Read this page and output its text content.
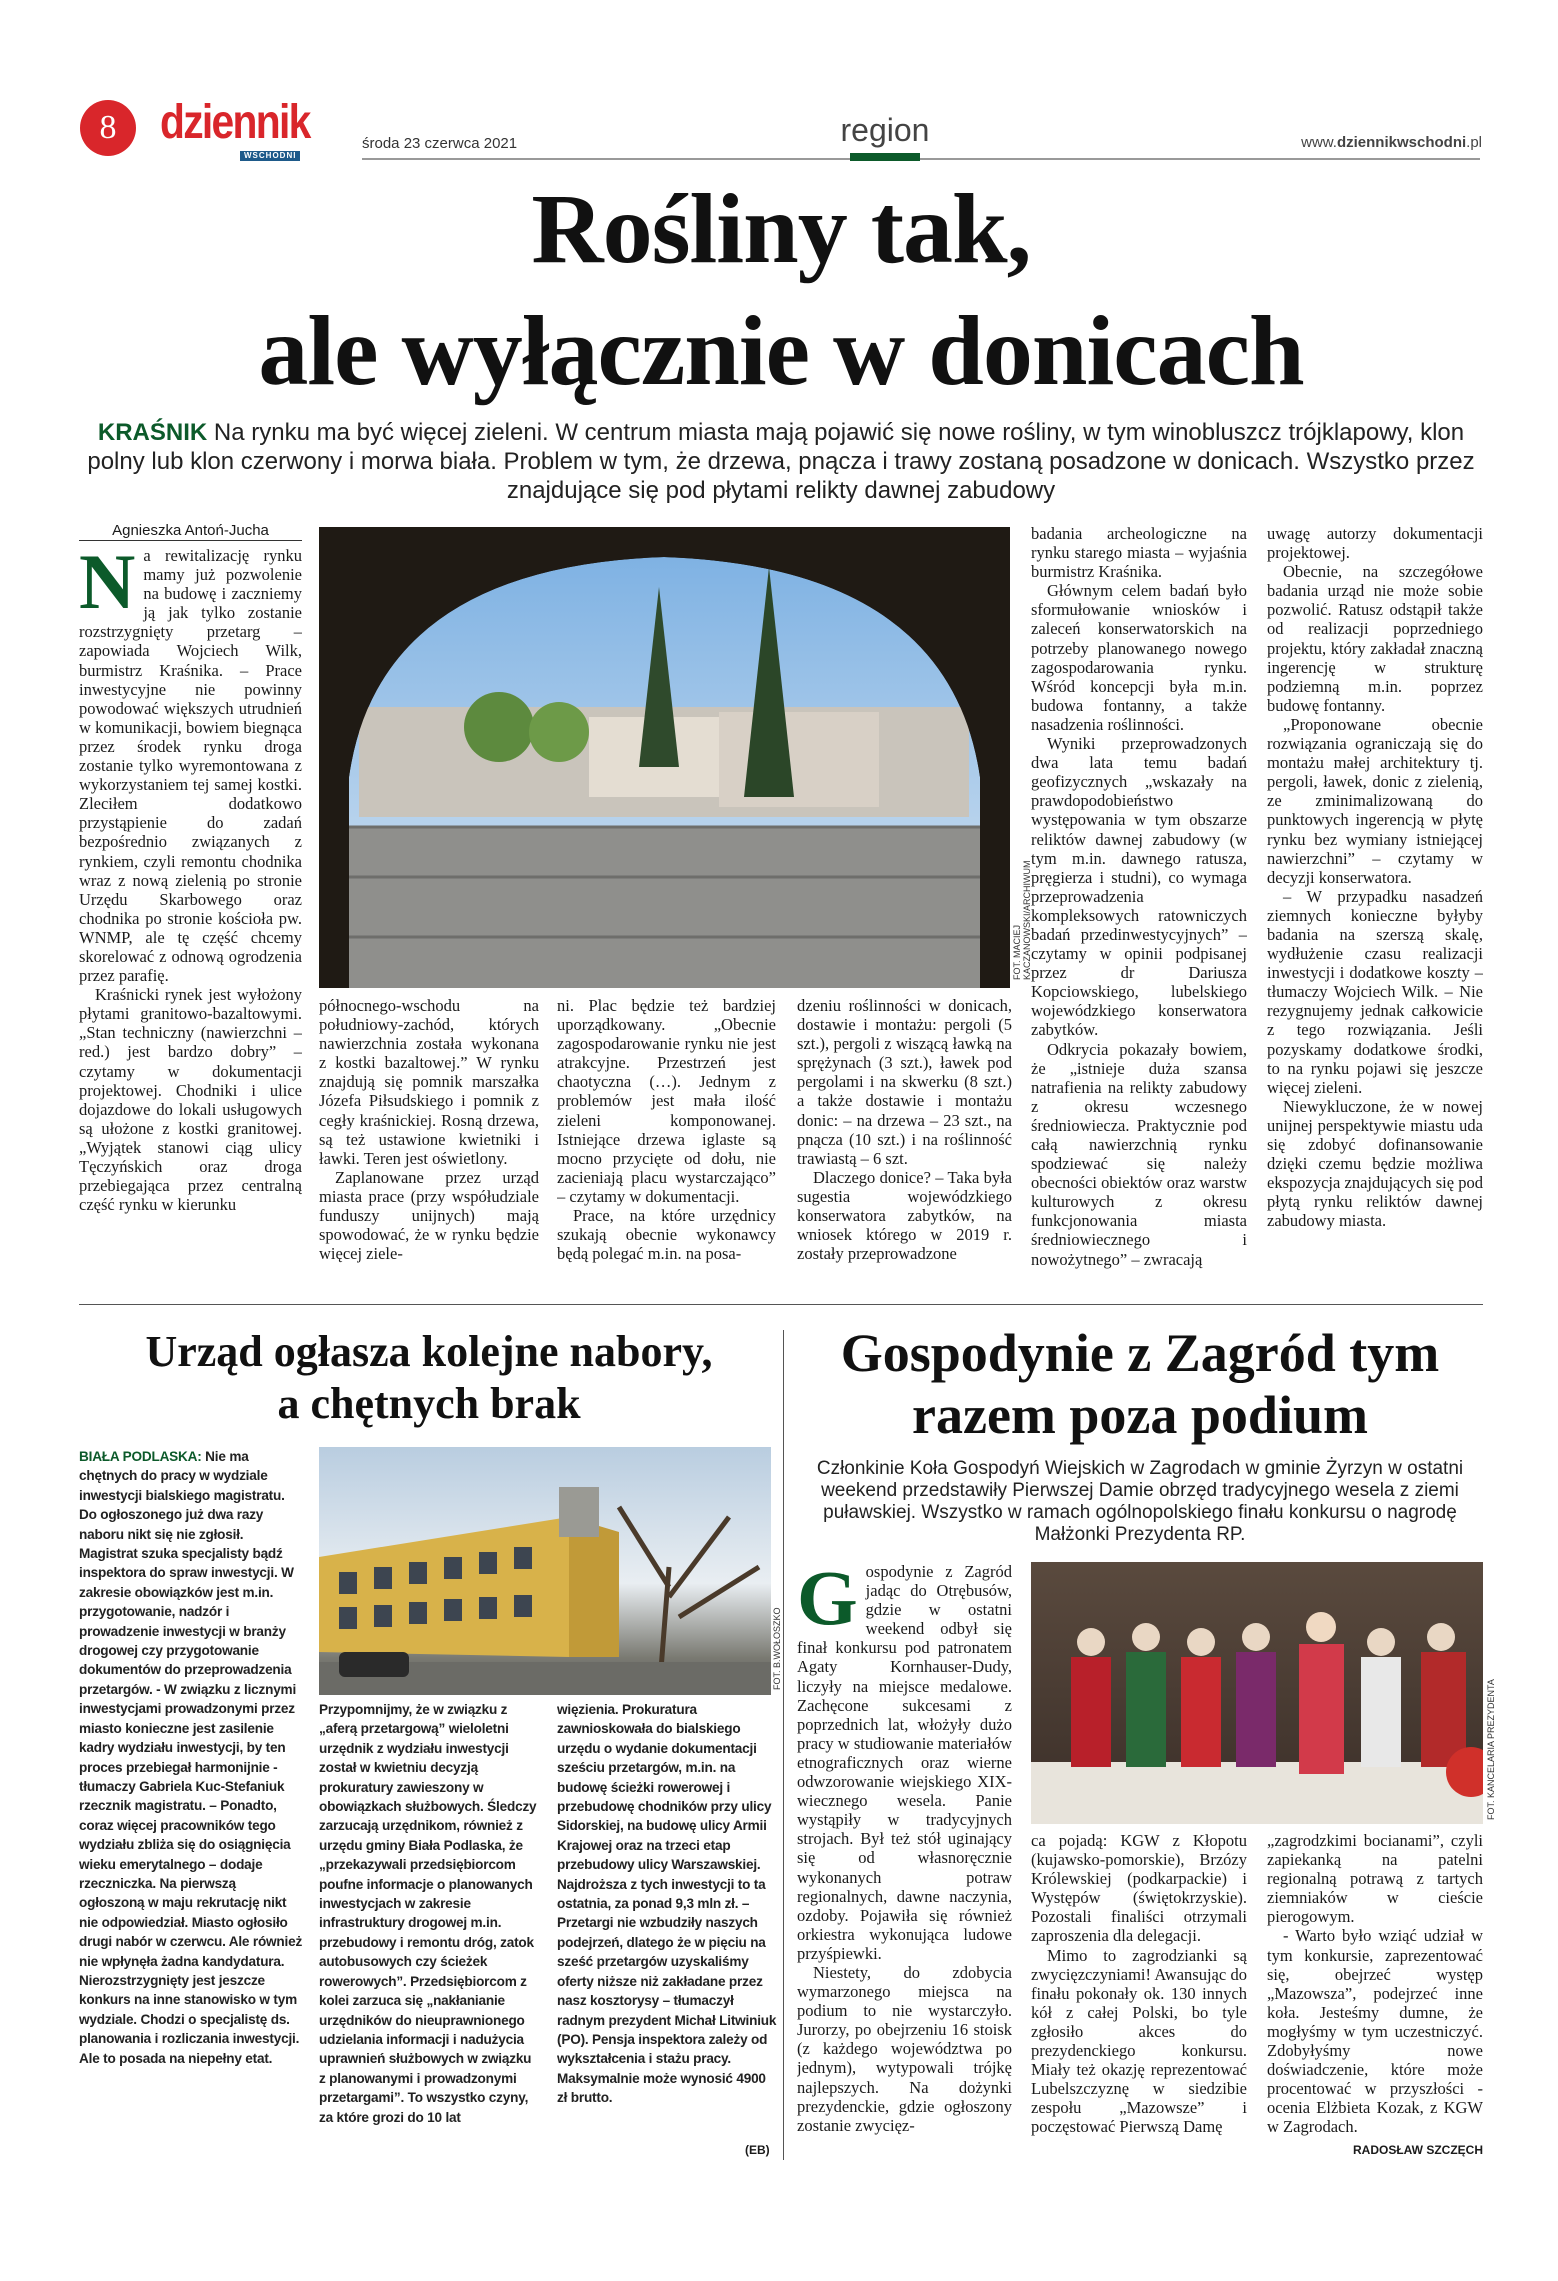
8 dziennik
WSCHODNI
środa 23 czerwca 2021	region	www.dziennikwschodni.pl
Rośliny tak,
ale wyłącznie w donicach
KRAŚNIK Na rynku ma być więcej zieleni. W centrum miasta mają pojawić się nowe rośliny, w tym winobluszcz trójklapowy, klon polny lub klon czerwony i morwa biała. Problem w tym, że drzewa, pnącza i trawy zostaną posadzone w donicach. Wszystko przez znajdujące się pod płytami relikty dawnej zabudowy
Agnieszka Antoń-Jucha

Na rewitalizację rynku mamy już pozwolenie na budowę i zaczniemy ją jak tylko zostanie rozstrzygnięty przetarg – zapowiada Wojciech Wilk, burmistrz Kraśnika. – Prace inwestycyjne nie powinny powodować większych utrudnień w komunikacji, bowiem biegnąca przez środek rynku droga zostanie tylko wyremontowana z wykorzystaniem tej samej kostki. Zleciłem dodatkowo przystąpienie do zadań bezpośrednio związanych z rynkiem, czyli remontu chodnika wraz z nową zielenią po stronie Urzędu Skarbowego oraz chodnika po stronie kościoła pw. WNMP, ale tę część chcemy skorelować z odnową ogrodzenia przez parafię.

Kraśnicki rynek jest wyłożony płytami granitowo-bazaltowymi. „Stan techniczny (nawierzchni – red.) jest bardzo dobry” – czytamy w dokumentacji projektowej. Chodniki i ulice dojazdowe do lokali usługowych są ułożone z kostki granitowej. „Wyjątek stanowi ciąg ulicy Tęczyńskich oraz droga przebiegająca przez centralną część rynku w kierunku

FOT. MACIEJ KACZANOWSKI/ARCHIWUM

północnego-wschodu na południowy-zachód, których nawierzchnia została wykonana z kostki bazaltowej.” W rynku znajdują się pomnik marszałka Józefa Piłsudskiego i pomnik z cegły kraśnickiej. Rosną drzewa, są też ustawione kwietniki i ławki. Teren jest oświetlony.

Zaplanowane przez urząd miasta prace (przy współudziale funduszy unijnych) mają spowodować, że w rynku będzie więcej ziele-

ni. Plac będzie też bardziej uporządkowany. „Obecnie zagospodarowanie rynku nie jest atrakcyjne. Przestrzeń jest chaotyczna (…). Jednym z problemów jest mała ilość zieleni komponowanej. Istniejące drzewa iglaste są mocno przycięte od dołu, nie zacieniają placu wystarczająco” – czytamy w dokumentacji.

Prace, na które urzędnicy szukają obecnie wykonawcy będą polegać m.in. na posa-

dzeniu roślinności w donicach, dostawie i montażu: pergoli (5 szt.), pergoli z wiszącą ławką na sprężynach (3 szt.), ławek pod pergolami i na skwerku (8 szt.) a także dostawie i montażu donic: – na drzewa – 23 szt., na pnącza (10 szt.) i na roślinność trawiastą – 6 szt.

Dlaczego donice? – Taka była sugestia wojewódzkiego konserwatora zabytków, na wniosek którego w 2019 r. zostały przeprowadzone

badania archeologiczne na rynku starego miasta – wyjaśnia burmistrz Kraśnika.

Głównym celem badań było sformułowanie wniosków i zaleceń konserwatorskich na potrzeby planowanego nowego zagospodarowania rynku. Wśród koncepcji była m.in. budowa fontanny, a także nasadzenia roślinności.

Wyniki przeprowadzonych dwa lata temu badań geofizycznych „wskazały na prawdopodobieństwo występowania w tym obszarze reliktów dawnej zabudowy (w tym m.in. dawnego ratusza, pręgierza i studni), co wymaga przeprowadzenia kompleksowych ratowniczych badań przedinwestycyjnych” – czytamy w opinii podpisanej przez dr Dariusza Kopciowskiego, lubelskiego wojewódzkiego konserwatora zabytków.

Odkrycia pokazały bowiem, że „istnieje duża szansa natrafienia na relikty zabudowy z okresu wczesnego średniowiecza. Praktycznie pod całą nawierzchnią rynku spodziewać się należy obecności obiektów oraz warstw kulturowych z okresu funkcjonowania miasta średniowiecznego i nowożytnego” – zwracają

uwagę autorzy dokumentacji projektowej.

Obecnie, na szczegółowe badania urząd nie może sobie pozwolić. Ratusz odstąpił także od realizacji poprzedniego projektu, który zakładał znaczną ingerencję w strukturę podziemną m.in. poprzez budowę fontanny.

„Proponowane obecnie rozwiązania ograniczają się do montażu małej architektury tj. pergoli, ławek, donic z zielenią, ze zminimalizowaną do punktowych ingerencją w płytę rynku bez wymiany istniejącej nawierzchni” – czytamy w decyzji konserwatora.

– W przypadku nasadzeń ziemnych konieczne byłyby badania na szerszą skalę, wydłużenie czasu realizacji inwestycji i dodatkowe koszty – tłumaczy Wojciech Wilk. – Nie rezygnujemy jednak całkowicie z tego rozwiązania. Jeśli pozyskamy dodatkowe środki, to na rynku pojawi się jeszcze więcej zieleni.

Niewykluczone, że w nowej unijnej perspektywie miastu uda się zdobyć dofinansowanie dzięki czemu będzie możliwa ekspozycja znajdujących się pod płytą rynku reliktów dawnej zabudowy miasta.

Urząd ogłasza kolejne nabory,
a chętnych brak

BIAŁA PODLASKA: Nie ma chętnych do pracy w wydziale inwestycji bialskiego magistratu. Do ogłoszonego już dwa razy naboru nikt się nie zgłosił. Magistrat szuka specjalisty bądź inspektora do spraw inwestycji. W zakresie obowiązków jest m.in. przygotowanie, nadzór i prowadzenie inwestycji w branży drogowej czy przygotowanie dokumentów do przeprowadzenia przetargów. - W związku z licznymi inwestycjami prowadzonymi przez miasto konieczne jest zasilenie kadry wydziału inwestycji, by ten proces przebiegał harmonijnie - tłumaczy Gabriela Kuc-Stefaniuk rzecznik magistratu. – Ponadto, coraz więcej pracowników tego wydziału zbliża się do osiągnięcia wieku emerytalnego – dodaje rzeczniczka. Na pierwszą ogłoszoną w maju rekrutację nikt nie odpowiedział. Miasto ogłosiło drugi nabór w czerwcu. Ale również nie wpłynęła żadna kandydatura. Nierozstrzygnięty jest jeszcze konkurs na inne stanowisko w tym wydziale. Chodzi o specjalistę ds. planowania i rozliczania inwestycji. Ale to posada na niepełny etat.

FOT. B.WOŁOSZKO

Przypomnijmy, że w związku z „aferą przetargową” wieloletni urzędnik z wydziału inwestycji został w kwietniu decyzją prokuratury zawieszony w obowiązkach służbowych. Śledczy zarzucają urzędnikom, również z urzędu gminy Biała Podlaska, że „przekazywali przedsiębiorcom poufne informacje o planowanych inwestycjach w zakresie infrastruktury drogowej m.in. przebudowy i remontu dróg, zatok autobusowych czy ścieżek rowerowych”. Przedsiębiorcom z kolei zarzuca się „nakłanianie urzędników do nieuprawnionego udzielania informacji i nadużycia uprawnień służbowych w związku z planowanymi i prowadzonymi przetargami”. To wszystko czyny, za które grozi do 10 lat

więzienia. Prokuratura zawnioskowała do bialskiego urzędu o wydanie dokumentacji sześciu przetargów, m.in. na budowę ścieżki rowerowej i przebudowę chodników przy ulicy Sidorskiej, na budowę ulicy Armii Krajowej oraz na trzeci etap przebudowy ulicy Warszawskiej. Najdroższa z tych inwestycji to ta ostatnia, za ponad 9,3 mln zł. – Przetargi nie wzbudziły naszych podejrzeń, dlatego że w pięciu na sześć przetargów uzyskaliśmy oferty niższe niż zakładane przez nasz kosztorysy – tłumaczył radnym prezydent Michał Litwiniuk (PO). Pensja inspektora zależy od wykształcenia i stażu pracy. Maksymalnie może wynosić 4900 zł brutto.

(EB)
Gospodynie z Zagród tym
razem poza podium
Członkinie Koła Gospodyń Wiejskich w Zagrodach w gminie Żyrzyn w ostatni weekend przedstawiły Pierwszej Damie obrzęd tradycyjnego wesela z ziemi puławskiej. Wszystko w ramach ogólnopolskiego finału konkursu o nagrodę Małżonki Prezydenta RP.

Gospodynie z Zagród jadąc do Otrębusów, gdzie w ostatni weekend odbył się finał konkursu pod patronatem Agaty Kornhauser-Dudy, liczyły na miejsce medalowe. Zachęcone sukcesami z poprzednich lat, włożyły dużo pracy w studiowanie materiałów etnograficznych oraz wierne odwzorowanie wiejskiego XIX-wiecznego wesela. Panie wystąpiły w tradycyjnych strojach. Był też stół uginający się od własnoręcznie wykonanych potraw regionalnych, dawne naczynia, ozdoby. Pojawiła się również orkiestra wykonująca ludowe przyśpiewki.

Niestety, do zdobycia wymarzonego miejsca na podium to nie wystarczyło. Jurorzy, po obejrzeniu 16 stoisk (z każdego województwa po jednym), wytypowali trójkę najlepszych. Na dożynki prezydenckie, gdzie ogłoszony zostanie zwycięz-

FOT. KANCELARIA PREZYDENTA

ca pojadą: KGW z Kłopotu (kujawsko-pomorskie), Brzózy Królewskiej (podkarpackie) i Występów (świętokrzyskie). Pozostali finaliści otrzymali zaproszenia dla delegacji.

Mimo to zagrodzianki są zwycięzczyniami! Awansując do finału pokonały ok. 130 innych kół z całej Polski, bo tyle zgłosiło akces do prezydenckiego konkursu. Miały też okazję reprezentować Lubelszczyznę w siedzibie zespołu „Mazowsze” i poczęstować Pierwszą Damę

„zagrodzkimi bocianami”, czyli zapiekanką na patelni regionalną potrawą z tartych ziemniaków w cieście pierogowym.

- Warto było wziąć udział w tym konkursie, zaprezentować się, obejrzeć występ „Mazowsza”, podejrzeć inne koła. Jesteśmy dumne, że mogłyśmy w tym uczestniczyć. Zdobyłyśmy nowe doświadczenie, które może procentować w przyszłości - ocenia Elżbieta Kozak, z KGW w Zagrodach.

RADOSŁAW SZCZĘCH
